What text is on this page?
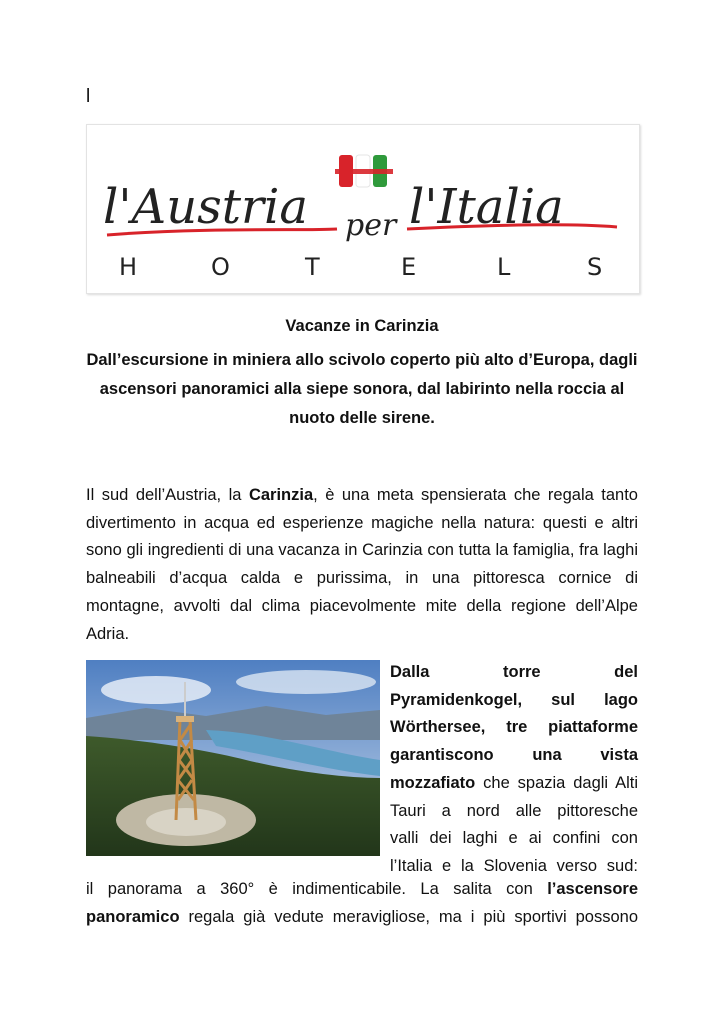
l
l'Austria per l'Italia
H	O	T	E	L	S
Vacanze in Carinzia
Dall’escursione in miniera allo scivolo coperto più alto d’Europa, dagli ascensori panoramici alla siepe sonora, dal labirinto nella roccia al nuoto delle sirene.
Il sud dell’Austria, la Carinzia, è una meta spensierata che regala tanto divertimento in acqua ed esperienze magiche nella natura: questi e altri sono gli ingredienti di una vacanza in Carinzia con tutta la famiglia, fra laghi balneabili d’acqua calda e purissima, in una pittoresca cornice di montagne, avvolti dal clima piacevolmente mite della regione dell’Alpe Adria.
Dalla torre del
Pyramidenkogel, sul lago
Wörthersee, tre piattaforme
garantiscono una vista
mozzafiato che spazia dagli Alti
Tauri a nord alle pittoresche
valli dei laghi e ai confini con
l’Italia e la Slovenia verso sud:
il panorama a 360° è indimenticabile. La salita con l’ascensore
panoramico regala già vedute meravigliose, ma i più sportivi possono
